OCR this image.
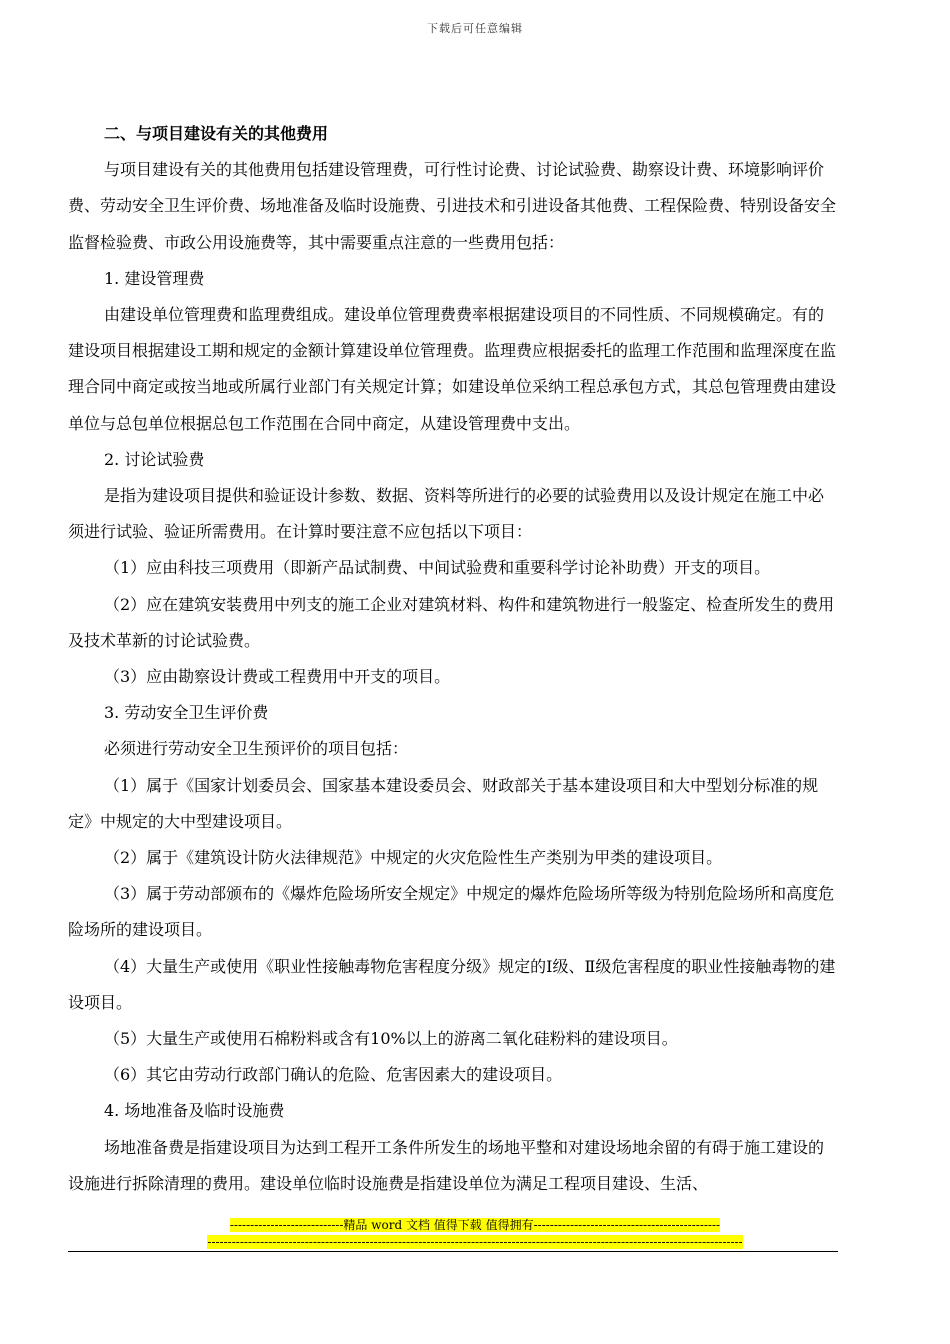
下载后可任意编辑

二、与项目建设有关的其他费用

与项目建设有关的其他费用包括建设管理费，可行性讨论费、讨论试验费、勘察设计费、环境影响评价费、劳动安全卫生评价费、场地准备及临时设施费、引进技术和引进设备其他费、工程保险费、特别设备安全监督检验费、市政公用设施费等，其中需要重点注意的一些费用包括：

1. 建设管理费

由建设单位管理费和监理费组成。建设单位管理费费率根据建设项目的不同性质、不同规模确定。有的建设项目根据建设工期和规定的金额计算建设单位管理费。监理费应根据委托的监理工作范围和监理深度在监理合同中商定或按当地或所属行业部门有关规定计算；如建设单位采纳工程总承包方式，其总包管理费由建设单位与总包单位根据总包工作范围在合同中商定，从建设管理费中支出。

2. 讨论试验费

是指为建设项目提供和验证设计参数、数据、资料等所进行的必要的试验费用以及设计规定在施工中必须进行试验、验证所需费用。在计算时要注意不应包括以下项目：

（1）应由科技三项费用（即新产品试制费、中间试验费和重要科学讨论补助费）开支的项目。

（2）应在建筑安装费用中列支的施工企业对建筑材料、构件和建筑物进行一般鉴定、检查所发生的费用及技术革新的讨论试验费。

（3）应由勘察设计费或工程费用中开支的项目。

3. 劳动安全卫生评价费

必须进行劳动安全卫生预评价的项目包括：

（1）属于《国家计划委员会、国家基本建设委员会、财政部关于基本建设项目和大中型划分标准的规定》中规定的大中型建设项目。

（2）属于《建筑设计防火法律规范》中规定的火灾危险性生产类别为甲类的建设项目。

（3）属于劳动部颁布的《爆炸危险场所安全规定》中规定的爆炸危险场所等级为特别危险场所和高度危险场所的建设项目。

（4）大量生产或使用《职业性接触毒物危害程度分级》规定的Ⅰ级、Ⅱ级危害程度的职业性接触毒物的建设项目。

（5）大量生产或使用石棉粉料或含有10%以上的游离二氧化硅粉料的建设项目。

（6）其它由劳动行政部门确认的危险、危害因素大的建设项目。

4. 场地准备及临时设施费

场地准备费是指建设项目为达到工程开工条件所发生的场地平整和对建设场地余留的有碍于施工建设的设施进行拆除清理的费用。建设单位临时设施费是指建设单位为满足工程项目建设、生活、

----------------------------精品 word 文档 值得下载 值得拥有----------------------------------------------
------------------------------------------------------------------------------------------------------------------------------------
